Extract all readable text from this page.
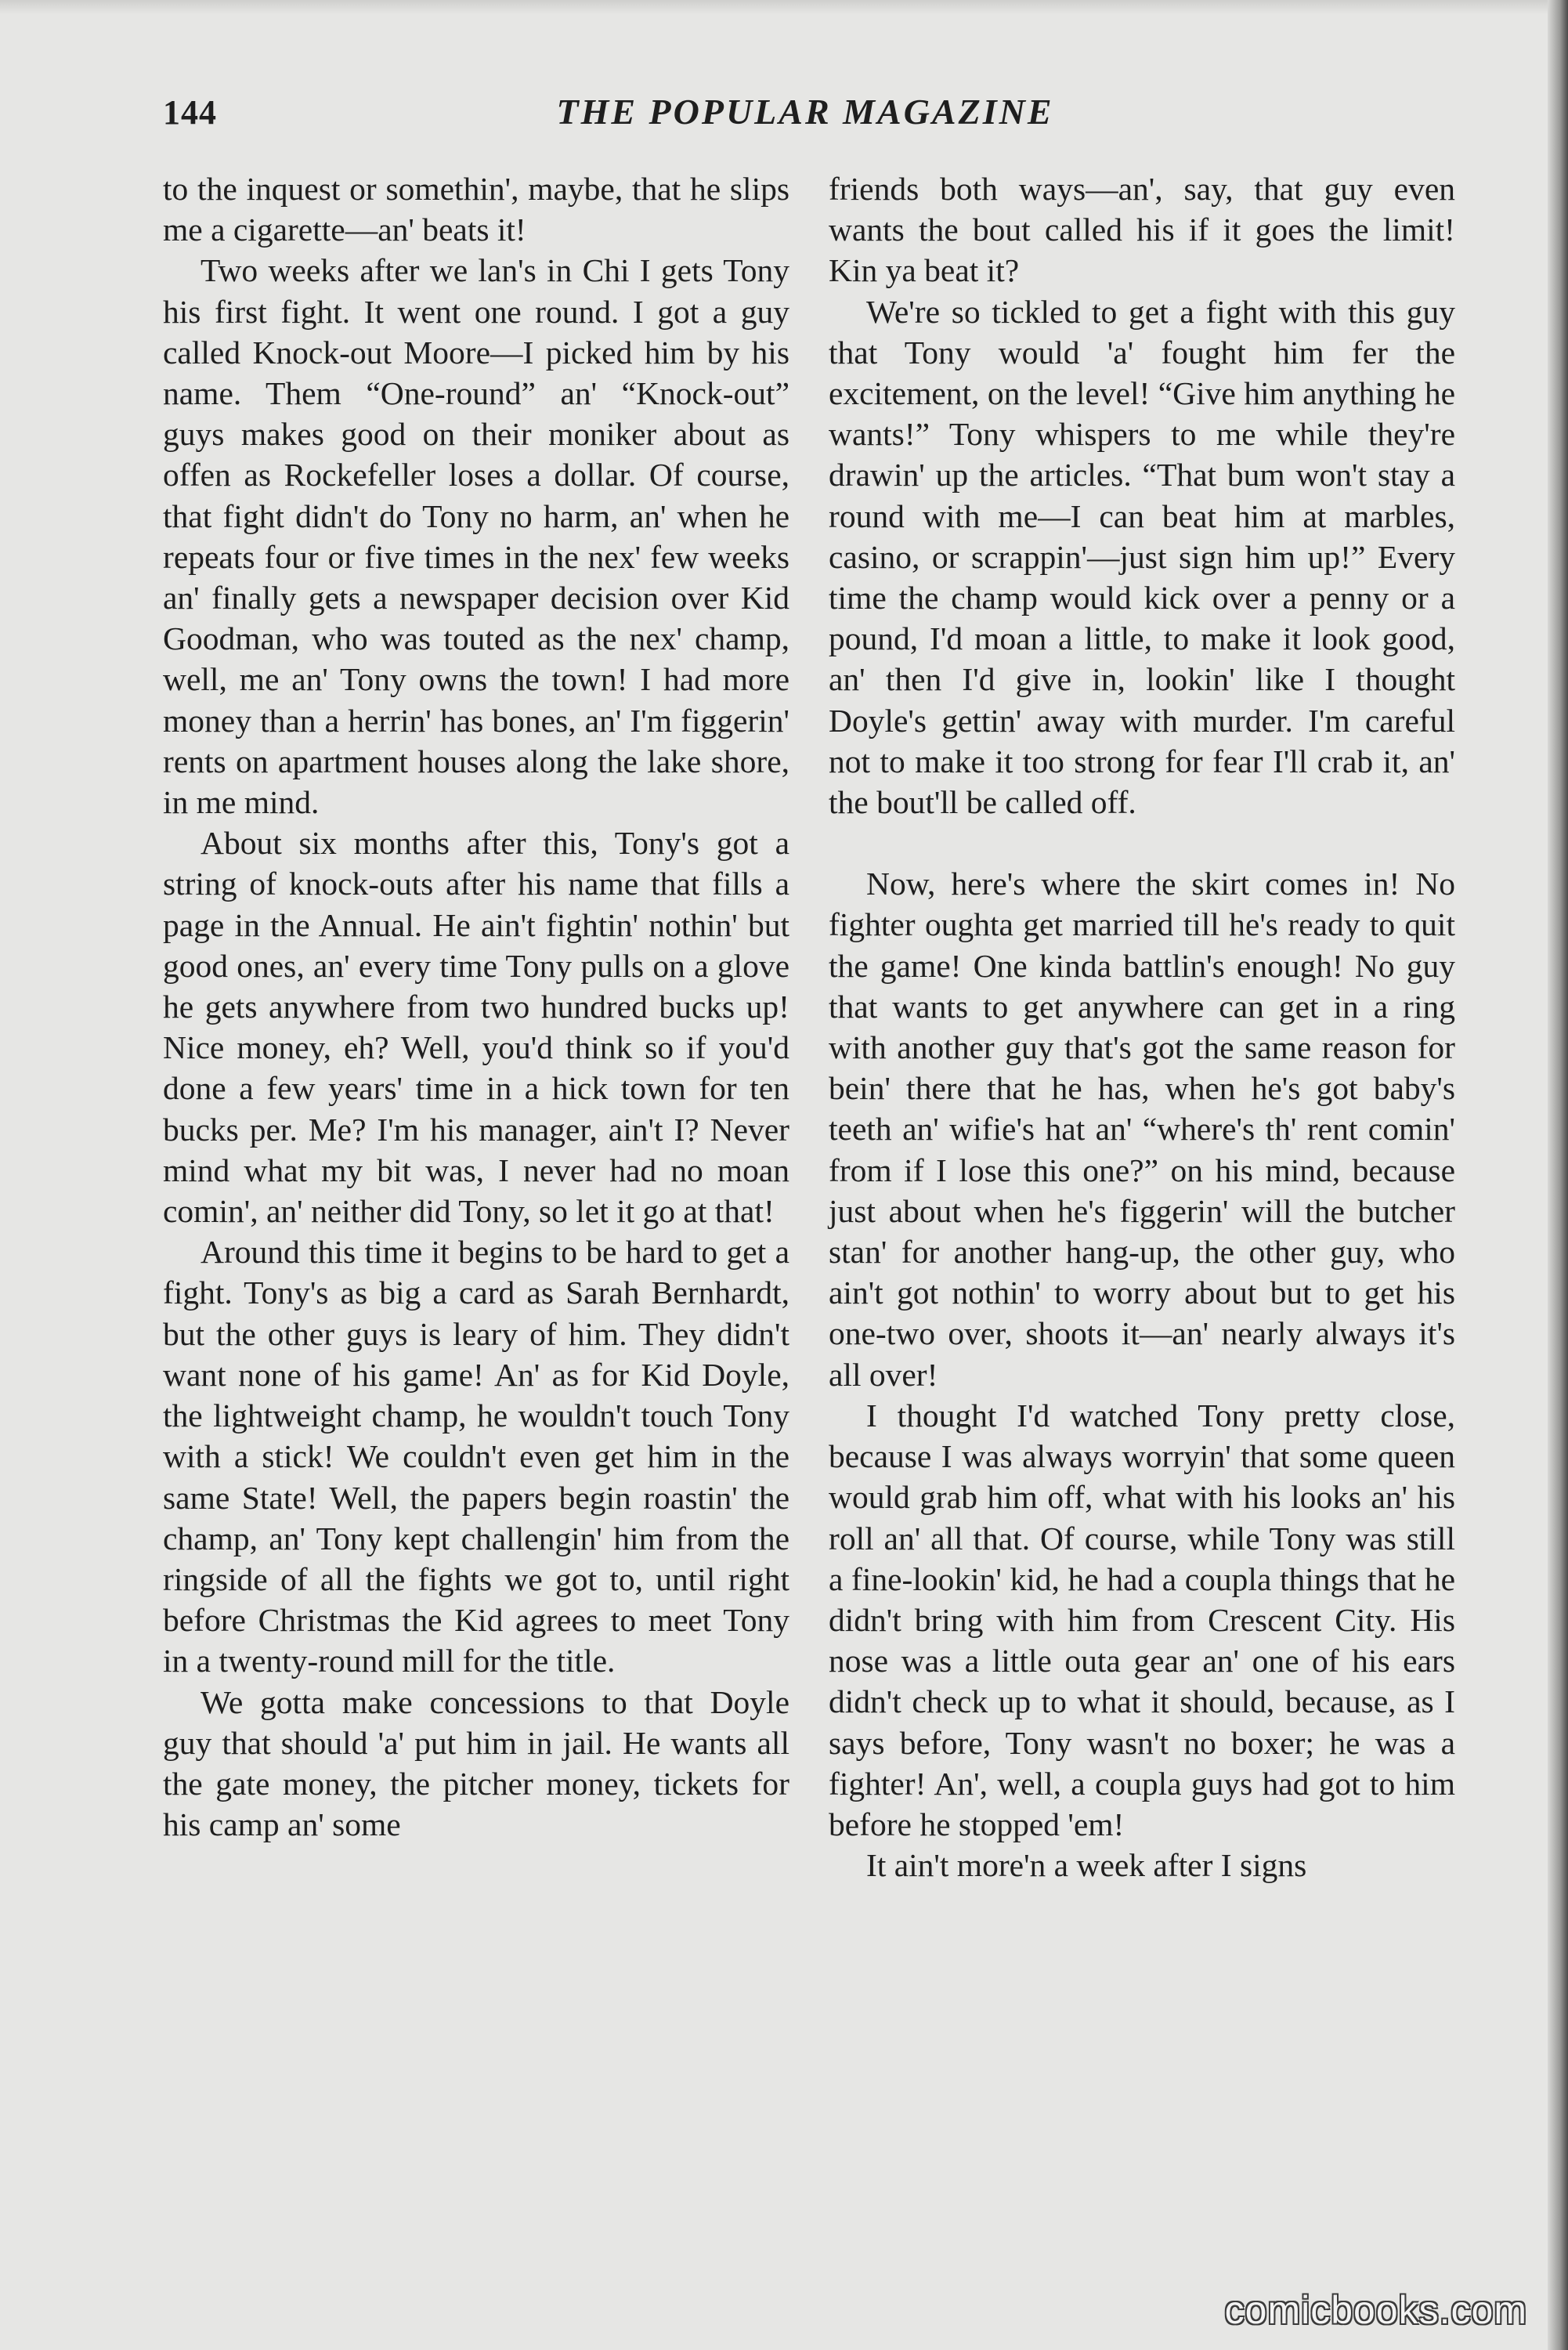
144	THE POPULAR MAGAZINE

to the inquest or somethin', maybe, that he slips me a cigarette—an' beats it!

Two weeks after we lan's in Chi I gets Tony his first fight. It went one round. I got a guy called Knock-out Moore—I picked him by his name. Them “One-round” an' “Knock-out” guys makes good on their moniker about as offen as Rockefeller loses a dollar. Of course, that fight didn't do Tony no harm, an' when he repeats four or five times in the nex' few weeks an' finally gets a newspaper decision over Kid Goodman, who was touted as the nex' champ, well, me an' Tony owns the town! I had more money than a herrin' has bones, an' I'm figgerin' rents on apartment houses along the lake shore, in me mind.

About six months after this, Tony's got a string of knock-outs after his name that fills a page in the Annual. He ain't fightin' nothin' but good ones, an' every time Tony pulls on a glove he gets anywhere from two hundred bucks up! Nice money, eh? Well, you'd think so if you'd done a few years' time in a hick town for ten bucks per. Me? I'm his manager, ain't I? Never mind what my bit was, I never had no moan comin', an' neither did Tony, so let it go at that!

Around this time it begins to be hard to get a fight. Tony's as big a card as Sarah Bernhardt, but the other guys is leary of him. They didn't want none of his game! An' as for Kid Doyle, the lightweight champ, he wouldn't touch Tony with a stick! We couldn't even get him in the same State! Well, the papers begin roastin' the champ, an' Tony kept challengin' him from the ringside of all the fights we got to, until right before Christmas the Kid agrees to meet Tony in a twenty-round mill for the title.

We gotta make concessions to that Doyle guy that should 'a' put him in jail. He wants all the gate money, the pitcher money, tickets for his camp an' some

friends both ways—an', say, that guy even wants the bout called his if it goes the limit! Kin ya beat it?

We're so tickled to get a fight with this guy that Tony would 'a' fought him fer the excitement, on the level! “Give him anything he wants!” Tony whispers to me while they're drawin' up the articles. “That bum won't stay a round with me—I can beat him at marbles, casino, or scrappin'—just sign him up!” Every time the champ would kick over a penny or a pound, I'd moan a little, to make it look good, an' then I'd give in, lookin' like I thought Doyle's gettin' away with murder. I'm careful not to make it too strong for fear I'll crab it, an' the bout'll be called off.

Now, here's where the skirt comes in! No fighter oughta get married till he's ready to quit the game! One kinda battlin's enough! No guy that wants to get anywhere can get in a ring with another guy that's got the same reason for bein' there that he has, when he's got baby's teeth an' wifie's hat an' “where's th' rent comin' from if I lose this one?” on his mind, because just about when he's figgerin' will the butcher stan' for another hang-up, the other guy, who ain't got nothin' to worry about but to get his one-two over, shoots it—an' nearly always it's all over!

I thought I'd watched Tony pretty close, because I was always worryin' that some queen would grab him off, what with his looks an' his roll an' all that. Of course, while Tony was still a fine-lookin' kid, he had a coupla things that he didn't bring with him from Crescent City. His nose was a little outa gear an' one of his ears didn't check up to what it should, because, as I says before, Tony wasn't no boxer; he was a fighter! An', well, a coupla guys had got to him before he stopped 'em!

It ain't more'n a week after I signs

comicbooks.com
